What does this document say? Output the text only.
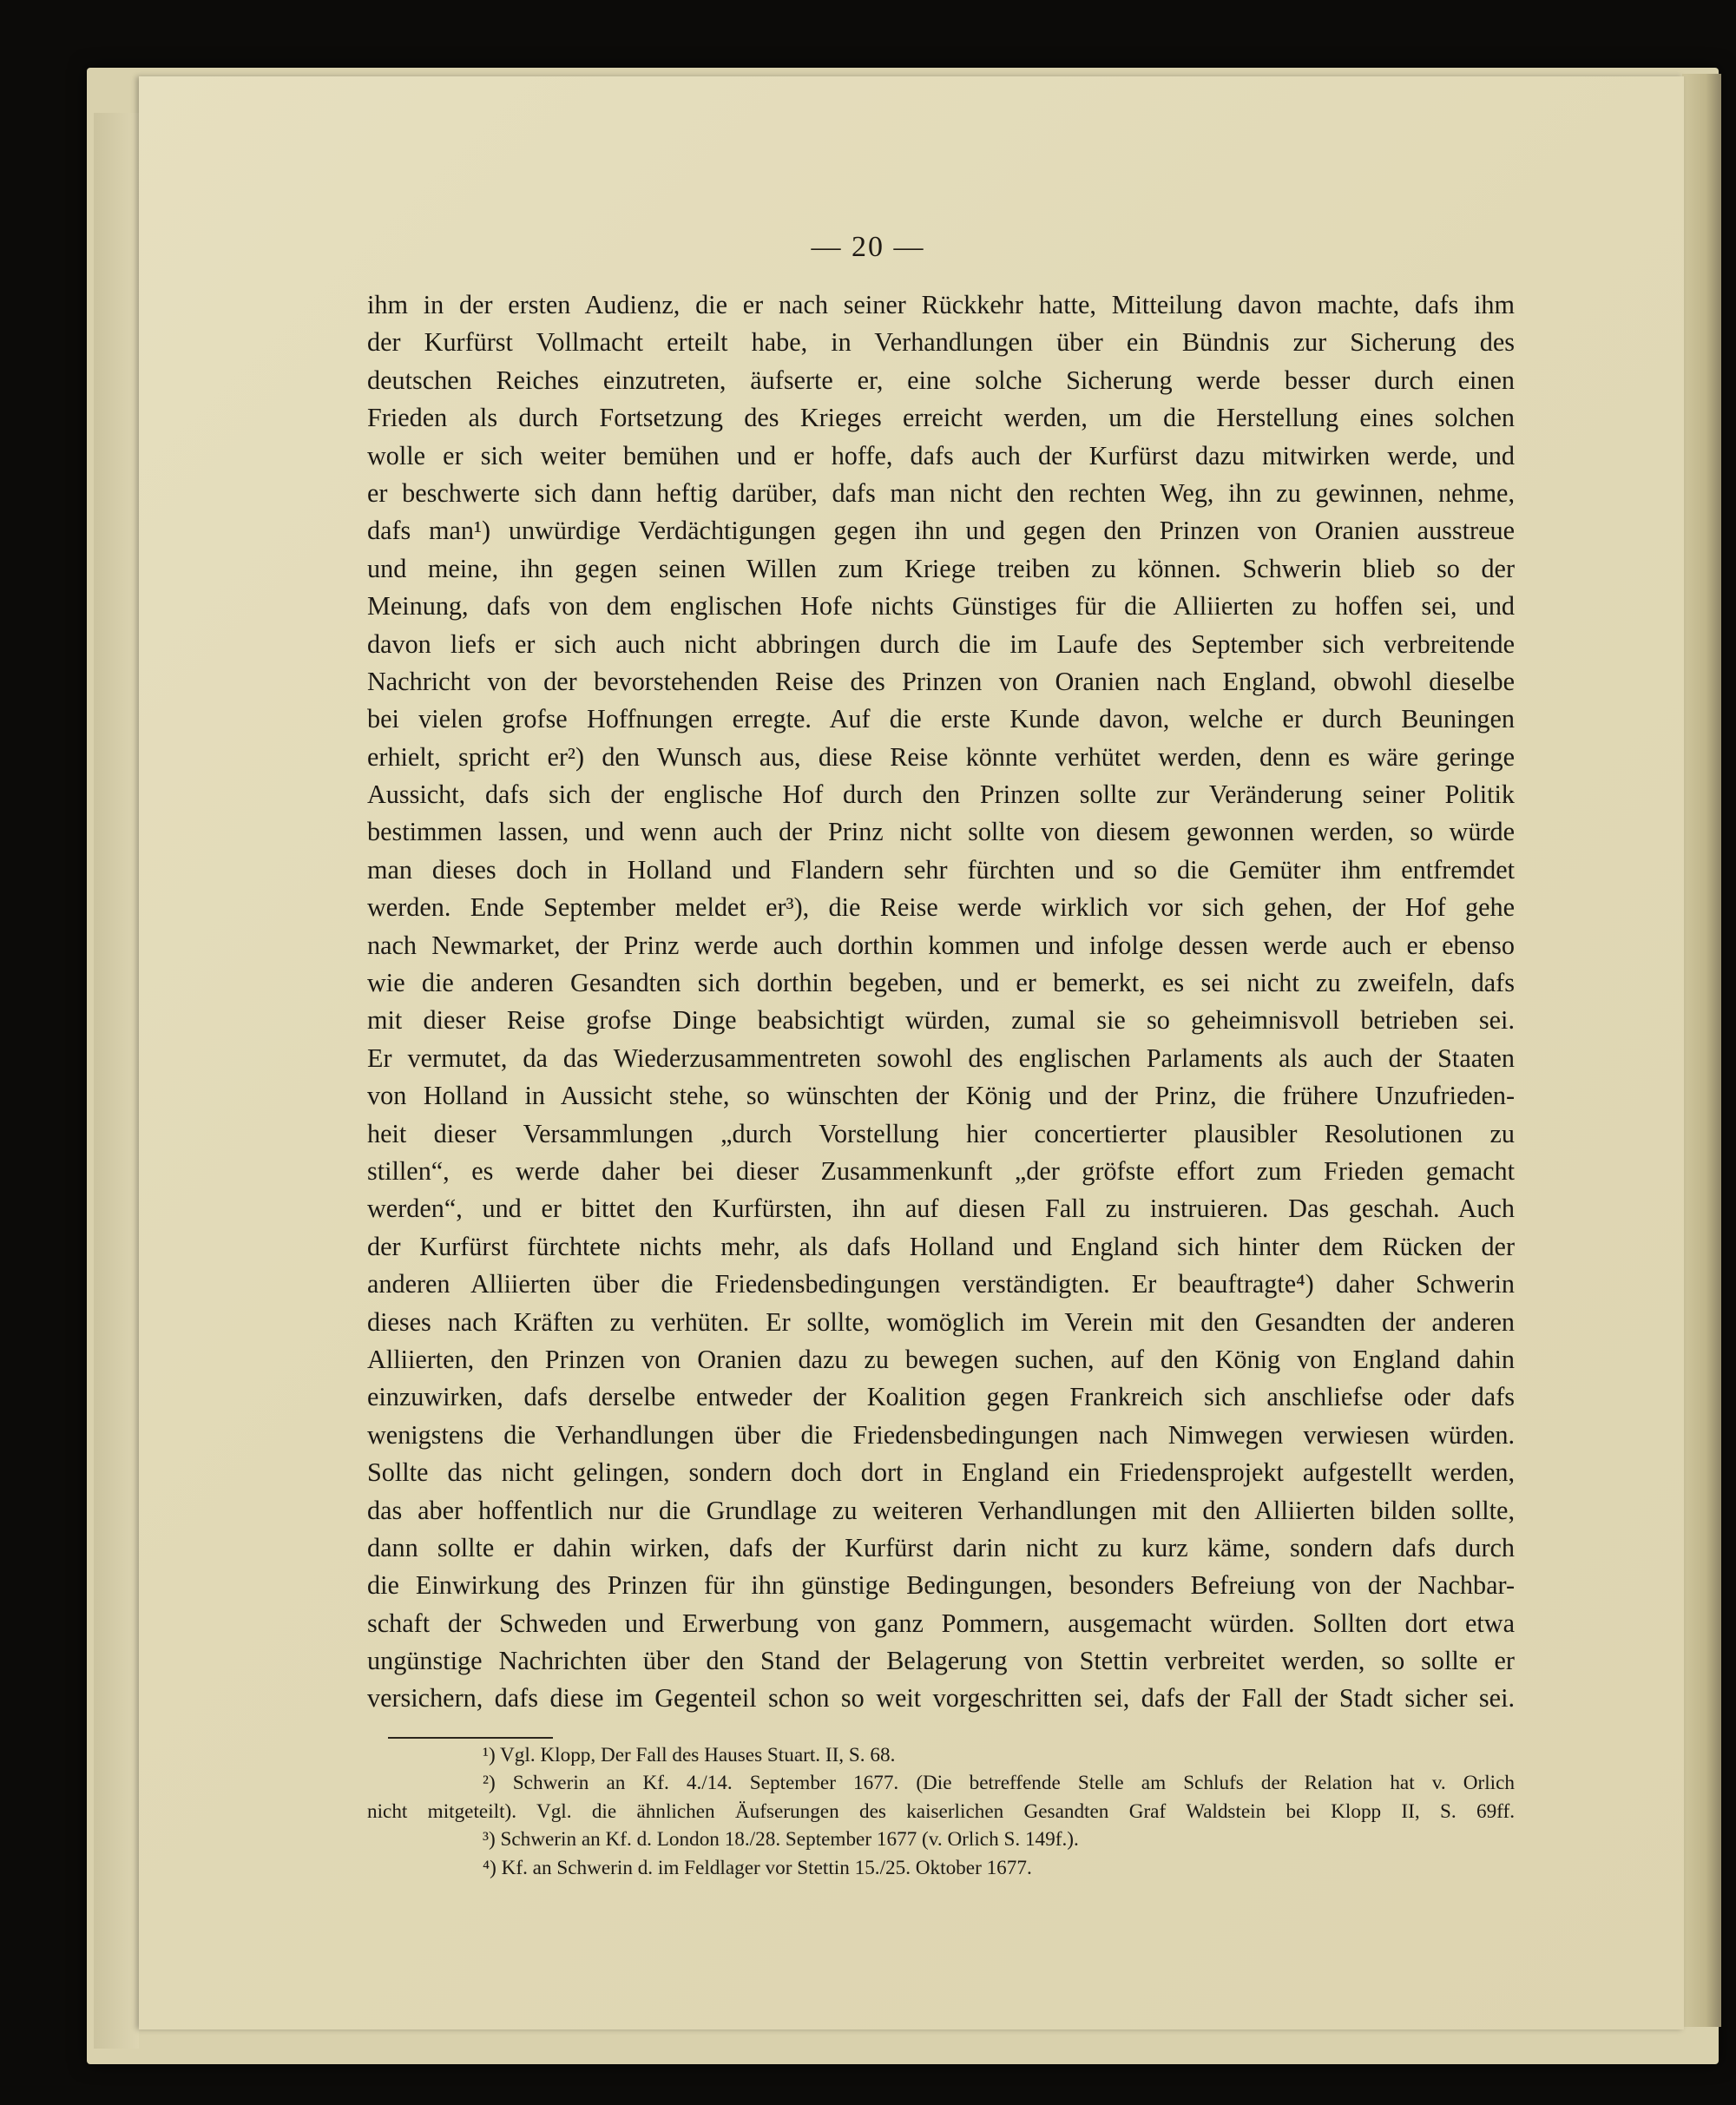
— 20 —
ihm in der ersten Audienz, die er nach seiner Rückkehr hatte, Mitteilung davon machte, dafs ihm
der Kurfürst Vollmacht erteilt habe, in Verhandlungen über ein Bündnis zur Sicherung des
deutschen Reiches einzutreten, äufserte er, eine solche Sicherung werde besser durch einen
Frieden als durch Fortsetzung des Krieges erreicht werden, um die Herstellung eines solchen
wolle er sich weiter bemühen und er hoffe, dafs auch der Kurfürst dazu mitwirken werde, und
er beschwerte sich dann heftig darüber, dafs man nicht den rechten Weg, ihn zu gewinnen, nehme,
dafs man¹) unwürdige Verdächtigungen gegen ihn und gegen den Prinzen von Oranien ausstreue
und meine, ihn gegen seinen Willen zum Kriege treiben zu können. Schwerin blieb so der
Meinung, dafs von dem englischen Hofe nichts Günstiges für die Alliierten zu hoffen sei, und
davon liefs er sich auch nicht abbringen durch die im Laufe des September sich verbreitende
Nachricht von der bevorstehenden Reise des Prinzen von Oranien nach England, obwohl dieselbe
bei vielen grofse Hoffnungen erregte. Auf die erste Kunde davon, welche er durch Beuningen
erhielt, spricht er²) den Wunsch aus, diese Reise könnte verhütet werden, denn es wäre geringe
Aussicht, dafs sich der englische Hof durch den Prinzen sollte zur Veränderung seiner Politik
bestimmen lassen, und wenn auch der Prinz nicht sollte von diesem gewonnen werden, so würde
man dieses doch in Holland und Flandern sehr fürchten und so die Gemüter ihm entfremdet
werden. Ende September meldet er³), die Reise werde wirklich vor sich gehen, der Hof gehe
nach Newmarket, der Prinz werde auch dorthin kommen und infolge dessen werde auch er ebenso
wie die anderen Gesandten sich dorthin begeben, und er bemerkt, es sei nicht zu zweifeln, dafs
mit dieser Reise grofse Dinge beabsichtigt würden, zumal sie so geheimnisvoll betrieben sei.
Er vermutet, da das Wiederzusammentreten sowohl des englischen Parlaments als auch der Staaten
von Holland in Aussicht stehe, so wünschten der König und der Prinz, die frühere Unzufrieden-
heit dieser Versammlungen „durch Vorstellung hier concertierter plausibler Resolutionen zu
stillen“, es werde daher bei dieser Zusammenkunft „der gröfste effort zum Frieden gemacht
werden“, und er bittet den Kurfürsten, ihn auf diesen Fall zu instruieren. Das geschah. Auch
der Kurfürst fürchtete nichts mehr, als dafs Holland und England sich hinter dem Rücken der
anderen Alliierten über die Friedensbedingungen verständigten. Er beauftragte⁴) daher Schwerin
dieses nach Kräften zu verhüten. Er sollte, womöglich im Verein mit den Gesandten der anderen
Alliierten, den Prinzen von Oranien dazu zu bewegen suchen, auf den König von England dahin
einzuwirken, dafs derselbe entweder der Koalition gegen Frankreich sich anschliefse oder dafs
wenigstens die Verhandlungen über die Friedensbedingungen nach Nimwegen verwiesen würden.
Sollte das nicht gelingen, sondern doch dort in England ein Friedensprojekt aufgestellt werden,
das aber hoffentlich nur die Grundlage zu weiteren Verhandlungen mit den Alliierten bilden sollte,
dann sollte er dahin wirken, dafs der Kurfürst darin nicht zu kurz käme, sondern dafs durch
die Einwirkung des Prinzen für ihn günstige Bedingungen, besonders Befreiung von der Nachbar-
schaft der Schweden und Erwerbung von ganz Pommern, ausgemacht würden. Sollten dort etwa
ungünstige Nachrichten über den Stand der Belagerung von Stettin verbreitet werden, so sollte er
versichern, dafs diese im Gegenteil schon so weit vorgeschritten sei, dafs der Fall der Stadt sicher sei.
¹) Vgl. Klopp, Der Fall des Hauses Stuart. II, S. 68.
²) Schwerin an Kf. 4./14. September 1677. (Die betreffende Stelle am Schlufs der Relation hat v. Orlich
nicht mitgeteilt). Vgl. die ähnlichen Äufserungen des kaiserlichen Gesandten Graf Waldstein bei Klopp II, S. 69ff.
³) Schwerin an Kf. d. London 18./28. September 1677 (v. Orlich S. 149f.).
⁴) Kf. an Schwerin d. im Feldlager vor Stettin 15./25. Oktober 1677.
